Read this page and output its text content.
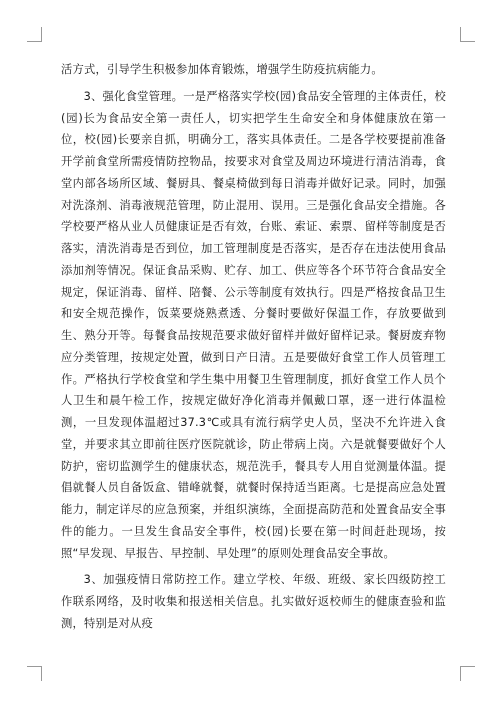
活方式，引导学生积极参加体育锻炼，增强学生防疫抗病能力。

3、强化食堂管理。一是严格落实学校(园)食品安全管理的主体责任，校(园)长为食品安全第一责任人，切实把学生生命安全和身体健康放在第一位，校(园)长要亲自抓，明确分工，落实具体责任。二是各学校要提前准备开学前食堂所需疫情防控物品，按要求对食堂及周边环境进行清洁消毒，食堂内部各场所区域、餐厨具、餐桌椅做到每日消毒并做好记录。同时，加强对洗涤剂、消毒液规范管理，防止混用、误用。三是强化食品安全措施。各学校要严格从业人员健康证是否有效，台账、索证、索票、留样等制度是否落实，清洗消毒是否到位，加工管理制度是否落实，是否存在违法使用食品添加剂等情况。保证食品采购、贮存、加工、供应等各个环节符合食品安全规定，保证消毒、留样、陪餐、公示等制度有效执行。四是严格按食品卫生和安全规范操作，饭菜要烧熟煮透、分餐时要做好保温工作，存放要做到生、熟分开等。每餐食品按规范要求做好留样并做好留样记录。餐厨废弃物应分类管理，按规定处置，做到日产日清。五是要做好食堂工作人员管理工作。严格执行学校食堂和学生集中用餐卫生管理制度，抓好食堂工作人员个人卫生和晨午检工作，按规定做好净化消毒并佩戴口罩，逐一进行体温检测，一旦发现体温超过37.3℃或具有流行病学史人员，坚决不允许进入食堂，并要求其立即前往医疗医院就诊，防止带病上岗。六是就餐要做好个人防护，密切监测学生的健康状态，规范洗手，餐具专人用自觉测量体温。提倡就餐人员自备饭盒、错峰就餐，就餐时保持适当距离。七是提高应急处置能力，制定详尽的应急预案，并组织演练，全面提高防范和处置食品安全事件的能力。一旦发生食品安全事件，校(园)长要在第一时间赶赴现场，按照“早发现、早报告、早控制、早处理”的原则处理食品安全事故。

3、加强疫情日常防控工作。建立学校、年级、班级、家长四级防控工作联系网络，及时收集和报送相关信息。扎实做好返校师生的健康查验和监测，特别是对从疫
